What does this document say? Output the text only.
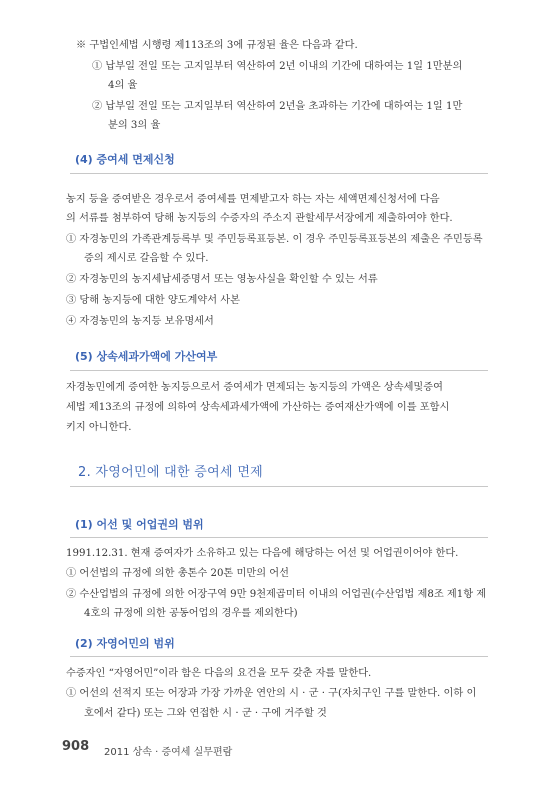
※ 구법인세법 시행령 제113조의 3에 규정된 율은 다음과 같다.
① 납부일 전일 또는 고지일부터 역산하여 2년 이내의 기간에 대하여는 1일 1만분의
4의 율
② 납부일 전일 또는 고지일부터 역산하여 2년을 초과하는 기간에 대하여는 1일 1만
분의 3의 율
(4) 증여세 면제신청
농지 등을 증여받은 경우로서 증여세를 면제받고자 하는 자는 세액면제신청서에 다음
의 서류를 첨부하여 당해 농지등의 수증자의 주소지 관할세무서장에게 제출하여야 한다.
① 자경농민의 가족관계등록부 및 주민등록표등본. 이 경우 주민등록표등본의 제출은 주민등록
증의 제시로 갈음할 수 있다.
② 자경농민의 농지세납세증명서 또는 영농사실을 확인할 수 있는 서류
③ 당해 농지등에 대한 양도계약서 사본
④ 자경농민의 농지등 보유명세서
(5) 상속세과가액에 가산여부
자경농민에게 증여한 농지등으로서 증여세가 면제되는 농지등의 가액은 상속세및증여
세법 제13조의 규정에 의하여 상속세과세가액에 가산하는 증여재산가액에 이를 포함시
키지 아니한다.
2. 자영어민에 대한 증여세 면제
(1) 어선 및 어업권의 범위
1991.12.31. 현재 증여자가 소유하고 있는 다음에 해당하는 어선 및 어업권이어야 한다.
① 어선법의 규정에 의한 총톤수 20톤 미만의 어선
② 수산업법의 규정에 의한 어장구역 9만 9천제곱미터 이내의 어업권(수산업법 제8조 제1항 제
4호의 규정에 의한 공동어업의 경우를 제외한다)
(2) 자영어민의 범위
수증자인 “자영어민”이라 함은 다음의 요건을 모두 갖춘 자를 말한다.
① 어선의 선적지 또는 어장과 가장 가까운 연안의 시 · 군 · 구(자치구인 구를 말한다. 이하 이
호에서 같다) 또는 그와 연접한 시 · 군 · 구에 거주할 것
908 2011 상속 · 증여세 실무편람
